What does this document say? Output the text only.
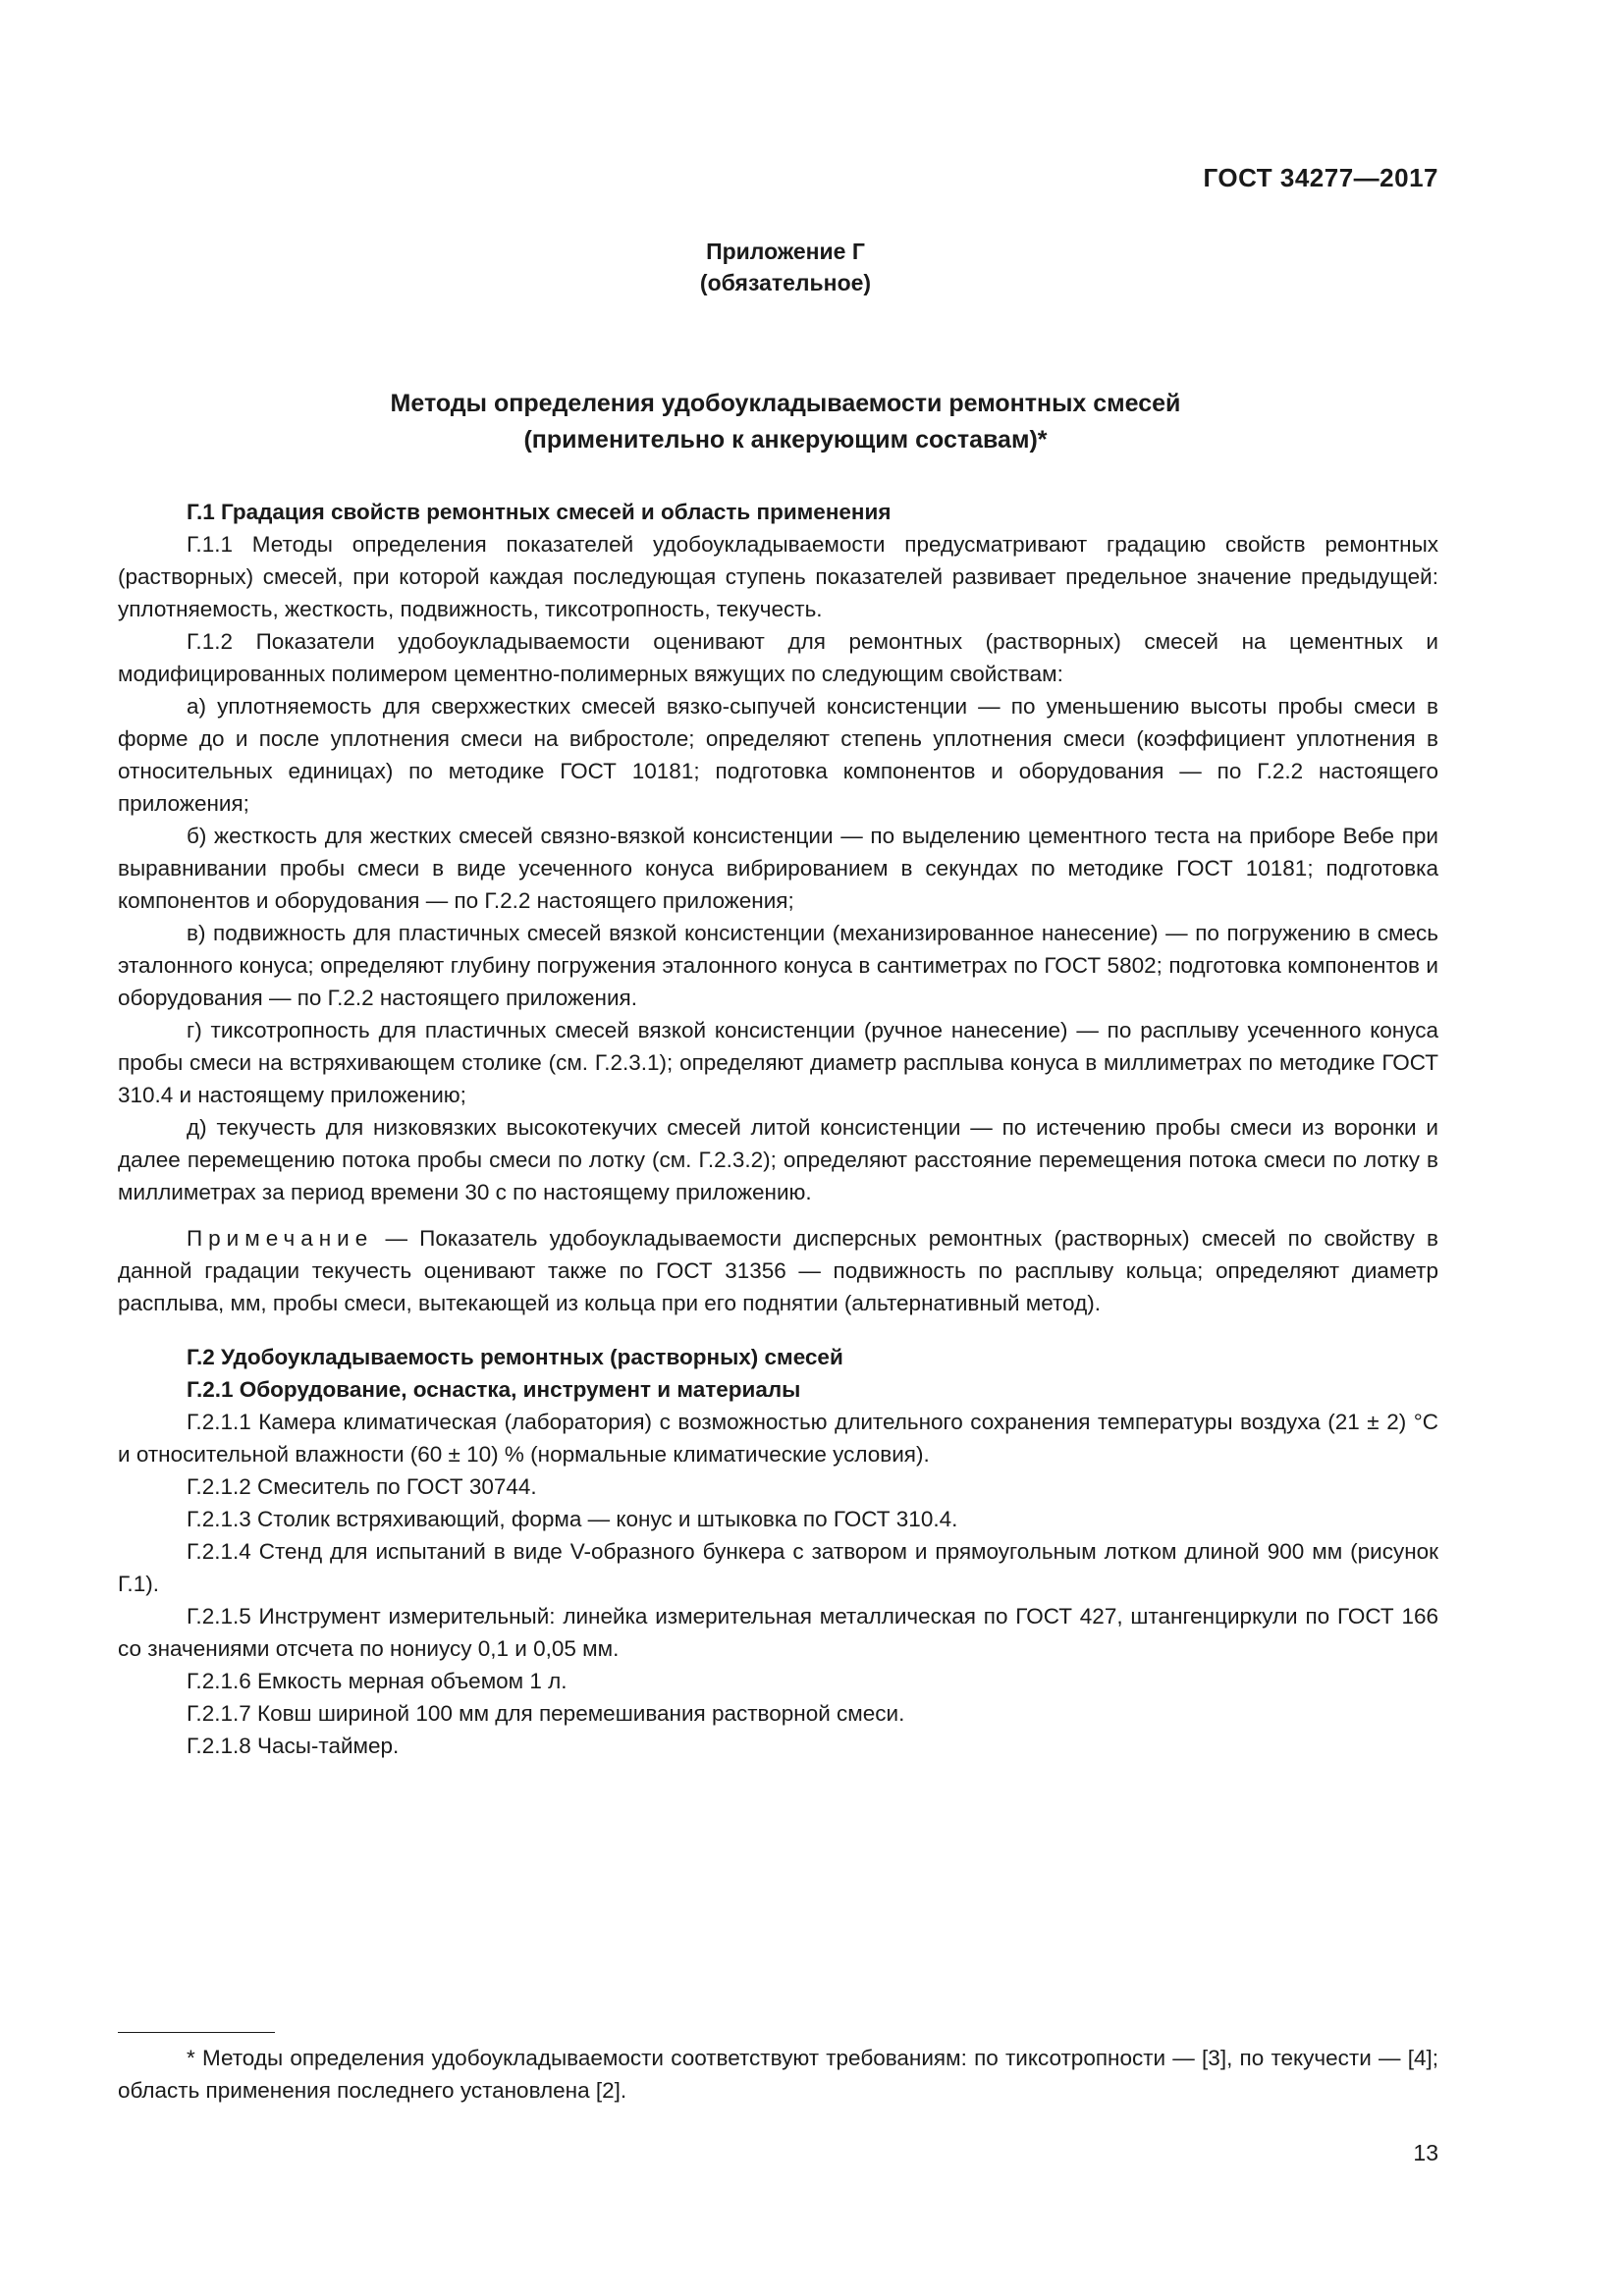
ГОСТ 34277—2017
Приложение Г
(обязательное)
Методы определения удобоукладываемости ремонтных смесей
(применительно к анкерующим составам)*

Г.1 Градация свойств ремонтных смесей и область применения

Г.1.1 Методы определения показателей удобоукладываемости предусматривают градацию свойств ремонтных (растворных) смесей, при которой каждая последующая ступень показателей развивает предельное значение предыдущей: уплотняемость, жесткость, подвижность, тиксотропность, текучесть.

Г.1.2 Показатели удобоукладываемости оценивают для ремонтных (растворных) смесей на цементных и модифицированных полимером цементно-полимерных вяжущих по следующим свойствам:

а) уплотняемость для сверхжестких смесей вязко-сыпучей консистенции — по уменьшению высоты пробы смеси в форме до и после уплотнения смеси на вибростоле; определяют степень уплотнения смеси (коэффициент уплотнения в относительных единицах) по методике ГОСТ 10181; подготовка компонентов и оборудования — по Г.2.2 настоящего приложения;

б) жесткость для жестких смесей связно-вязкой консистенции — по выделению цементного теста на приборе Вебе при выравнивании пробы смеси в виде усеченного конуса вибрированием в секундах по методике ГОСТ 10181; подготовка компонентов и оборудования — по Г.2.2 настоящего приложения;

в) подвижность для пластичных смесей вязкой консистенции (механизированное нанесение) — по погружению в смесь эталонного конуса; определяют глубину погружения эталонного конуса в сантиметрах по ГОСТ 5802; подготовка компонентов и оборудования — по Г.2.2 настоящего приложения.

г) тиксотропность для пластичных смесей вязкой консистенции (ручное нанесение) — по расплыву усеченного конуса пробы смеси на встряхивающем столике (см. Г.2.3.1); определяют диаметр расплыва конуса в миллиметрах по методике ГОСТ 310.4 и настоящему приложению;

д) текучесть для низковязких высокотекучих смесей литой консистенции — по истечению пробы смеси из воронки и далее перемещению потока пробы смеси по лотку (см. Г.2.3.2); определяют расстояние перемещения потока смеси по лотку в миллиметрах за период времени 30 с по настоящему приложению.

Примечание — Показатель удобоукладываемости дисперсных ремонтных (растворных) смесей по свойству в данной градации текучесть оценивают также по ГОСТ 31356 — подвижность по расплыву кольца; определяют диаметр расплыва, мм, пробы смеси, вытекающей из кольца при его поднятии (альтернативный метод).

Г.2 Удобоукладываемость ремонтных (растворных) смесей

Г.2.1 Оборудование, оснастка, инструмент и материалы

Г.2.1.1 Камера климатическая (лаборатория) с возможностью длительного сохранения температуры воздуха (21 ± 2) °С и относительной влажности (60 ± 10) % (нормальные климатические условия).

Г.2.1.2 Смеситель по ГОСТ 30744.

Г.2.1.3 Столик встряхивающий, форма — конус и штыковка по ГОСТ 310.4.

Г.2.1.4 Стенд для испытаний в виде V-образного бункера с затвором и прямоугольным лотком длиной 900 мм (рисунок Г.1).

Г.2.1.5 Инструмент измерительный: линейка измерительная металлическая по ГОСТ 427, штангенциркули по ГОСТ 166 со значениями отсчета по нониусу 0,1 и 0,05 мм.

Г.2.1.6 Емкость мерная объемом 1 л.

Г.2.1.7 Ковш шириной 100 мм для перемешивания растворной смеси.

Г.2.1.8 Часы-таймер.

* Методы определения удобоукладываемости соответствуют требованиям: по тиксотропности — [3], по текучести — [4]; область применения последнего установлена [2].
13
